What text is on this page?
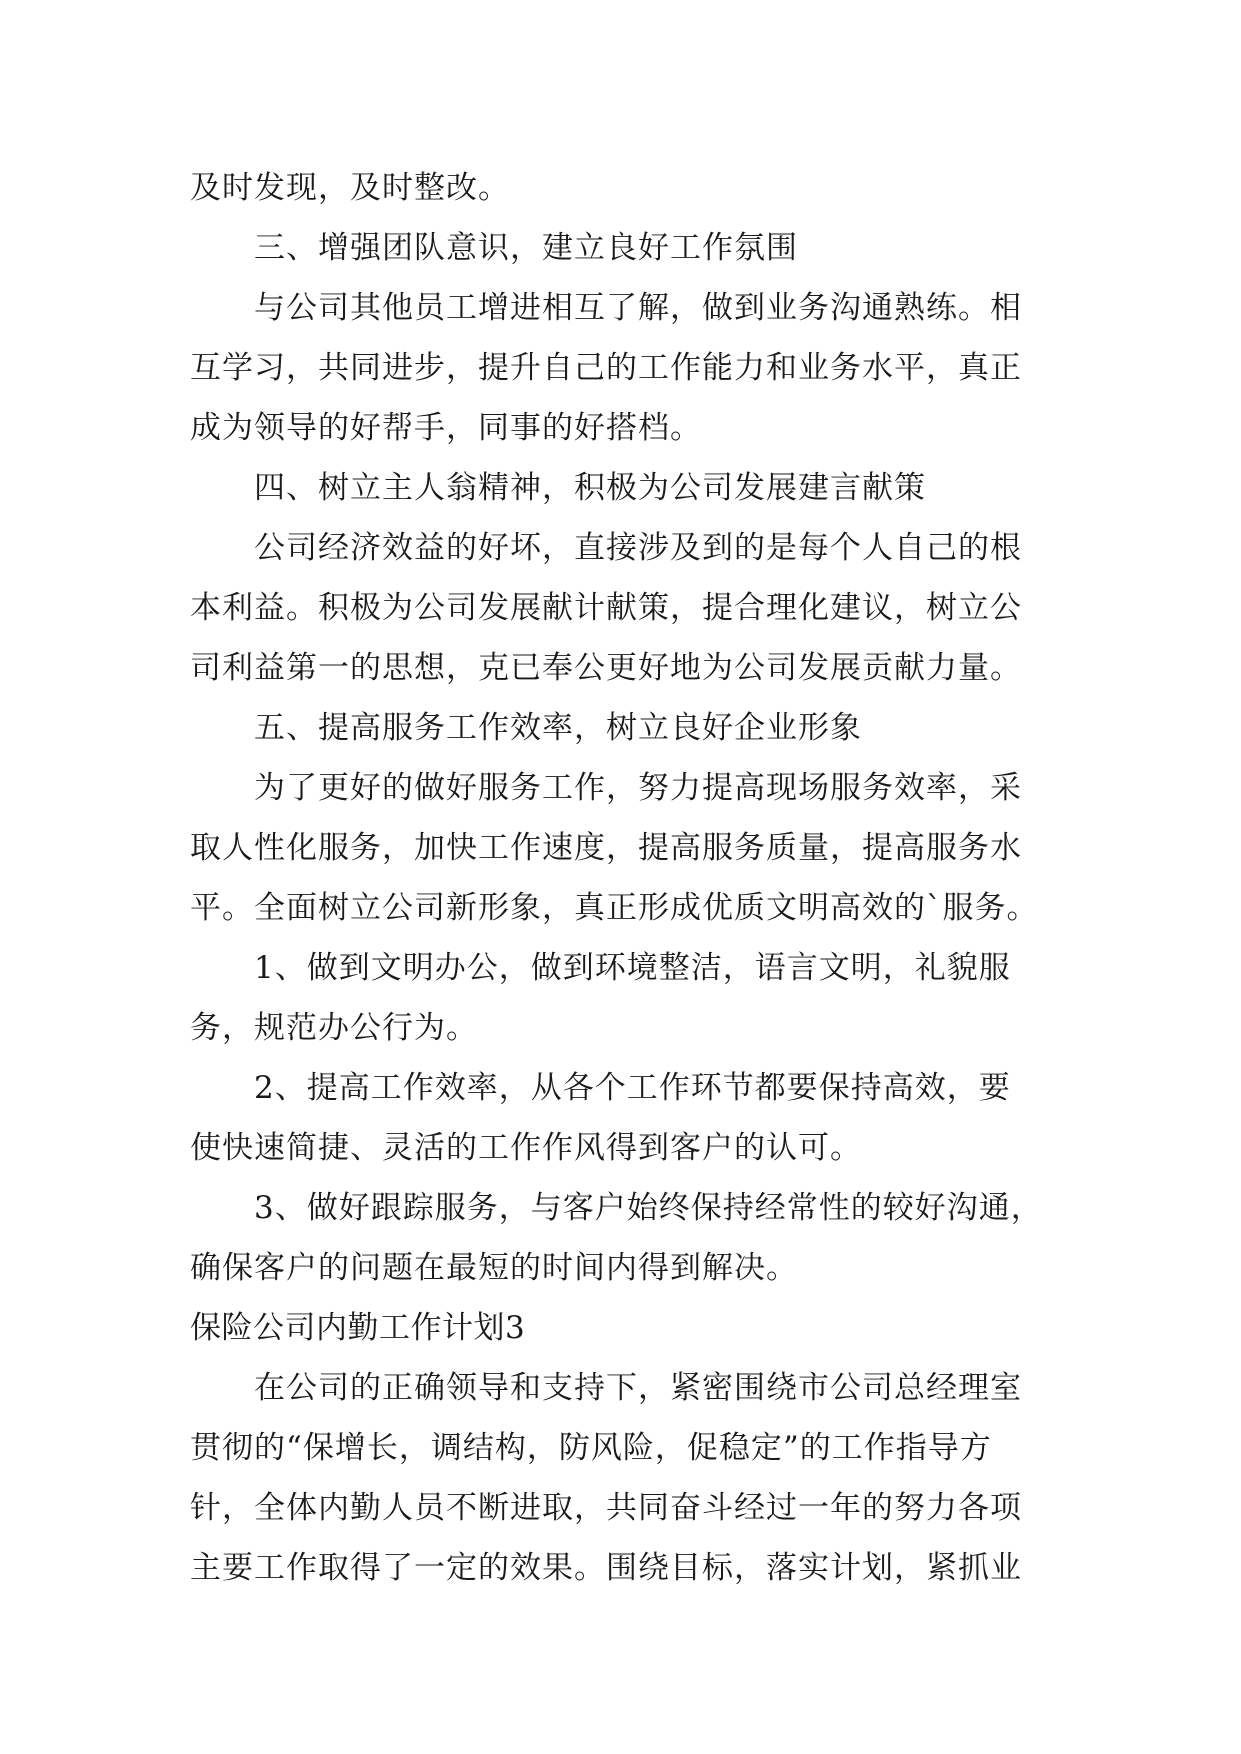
及时发现，及时整改。
三、增强团队意识，建立良好工作氛围
与公司其他员工增进相互了解，做到业务沟通熟练。相
互学习，共同进步，提升自己的工作能力和业务水平，真正
成为领导的好帮手，同事的好搭档。
四、树立主人翁精神，积极为公司发展建言献策
公司经济效益的好坏，直接涉及到的是每个人自己的根
本利益。积极为公司发展献计献策，提合理化建议，树立公
司利益第一的思想，克已奉公更好地为公司发展贡献力量。
五、提高服务工作效率，树立良好企业形象
为了更好的做好服务工作，努力提高现场服务效率，采
取人性化服务，加快工作速度，提高服务质量，提高服务水
平。全面树立公司新形象，真正形成优质文明高效的`服务。
1、做到文明办公，做到环境整洁，语言文明，礼貌服
务，规范办公行为。
2、提高工作效率，从各个工作环节都要保持高效，要
使快速简捷、灵活的工作作风得到客户的认可。
3、做好跟踪服务，与客户始终保持经常性的较好沟通，
确保客户的问题在最短的时间内得到解决。
保险公司内勤工作计划3
在公司的正确领导和支持下，紧密围绕市公司总经理室
贯彻的“保增长，调结构，防风险，促稳定”的工作指导方
针，全体内勤人员不断进取，共同奋斗经过一年的努力各项
主要工作取得了一定的效果。围绕目标，落实计划，紧抓业
